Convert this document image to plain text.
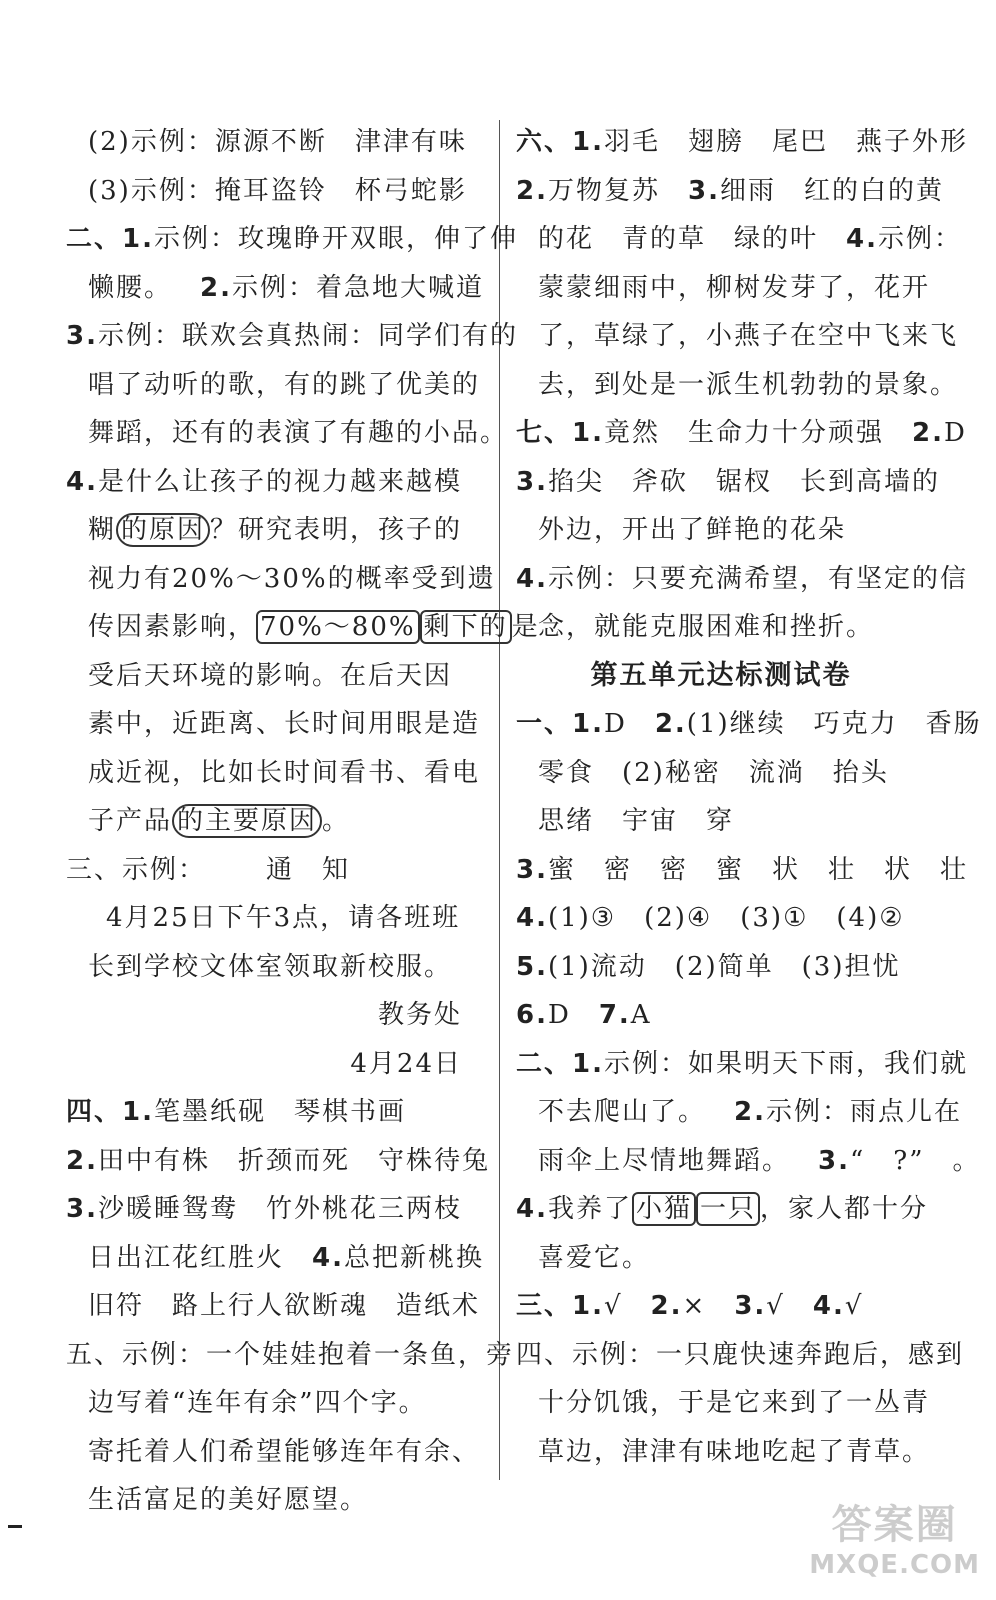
(2)示例：源源不断　津津有味
(3)示例：掩耳盗铃　杯弓蛇影
二、1.示例：玫瑰睁开双眼，伸了伸
懒腰。 2.示例：着急地大喊道
3.示例：联欢会真热闹：同学们有的
唱了动听的歌，有的跳了优美的
舞蹈，还有的表演了有趣的小品。
4.是什么让孩子的视力越来越模
糊 的原因 ？研究表明，孩子的
视力有20%～30%的概率受到遗
传因素影响， 70%～80% 剩下的 是
受后天环境的影响。在后天因
素中，近距离、长时间用眼是造
成近视，比如长时间看书、看电
子产品 的主要原因 。
三、示例： 通　知
4月25日下午3点，请各班班
长到学校文体室领取新校服。
教务处
4月24日
四、1.笔墨纸砚　琴棋书画
2.田中有株　折颈而死　守株待兔
3.沙暖睡鸳鸯　竹外桃花三两枝
日出江花红胜火 4.总把新桃换
旧符　路上行人欲断魂　造纸术
五、示例：一个娃娃抱着一条鱼，旁
边写着“连年有余”四个字。
寄托着人们希望能够连年有余、
生活富足的美好愿望。
六、1.羽毛　翅膀　尾巴　燕子外形
2.万物复苏 3.细雨　红的白的黄
的花　青的草　绿的叶 4.示例：
蒙蒙细雨中，柳树发芽了，花开
了，草绿了，小燕子在空中飞来飞
去，到处是一派生机勃勃的景象。
七、1.竟然　生命力十分顽强 2.D
3.掐尖　斧砍　锯杈　长到高墙的
外边，开出了鲜艳的花朵
4.示例：只要充满希望，有坚定的信
念，就能克服困难和挫折。
第五单元达标测试卷
一、1.D 2.(1)继续　巧克力　香肠
零食　(2)秘密　流淌　抬头
思绪　宇宙　穿
3.蜜　密　密　蜜　状　壮　状　壮
4.(1)③　(2)④　(3)①　(4)②
5.(1)流动　(2)简单　(3)担忧
6.D 7.A
二、1.示例：如果明天下雨，我们就
不去爬山了。 2.示例：雨点儿在
雨伞上尽情地舞蹈。 3.“　?”　。
4.我养了 小猫 一只 ，家人都十分
喜爱它。
三、1.√ 2.× 3.√ 4.√
四、示例：一只鹿快速奔跑后，感到
十分饥饿，于是它来到了一丛青
草边，津津有味地吃起了青草。
答案圈
MXQE.COM
